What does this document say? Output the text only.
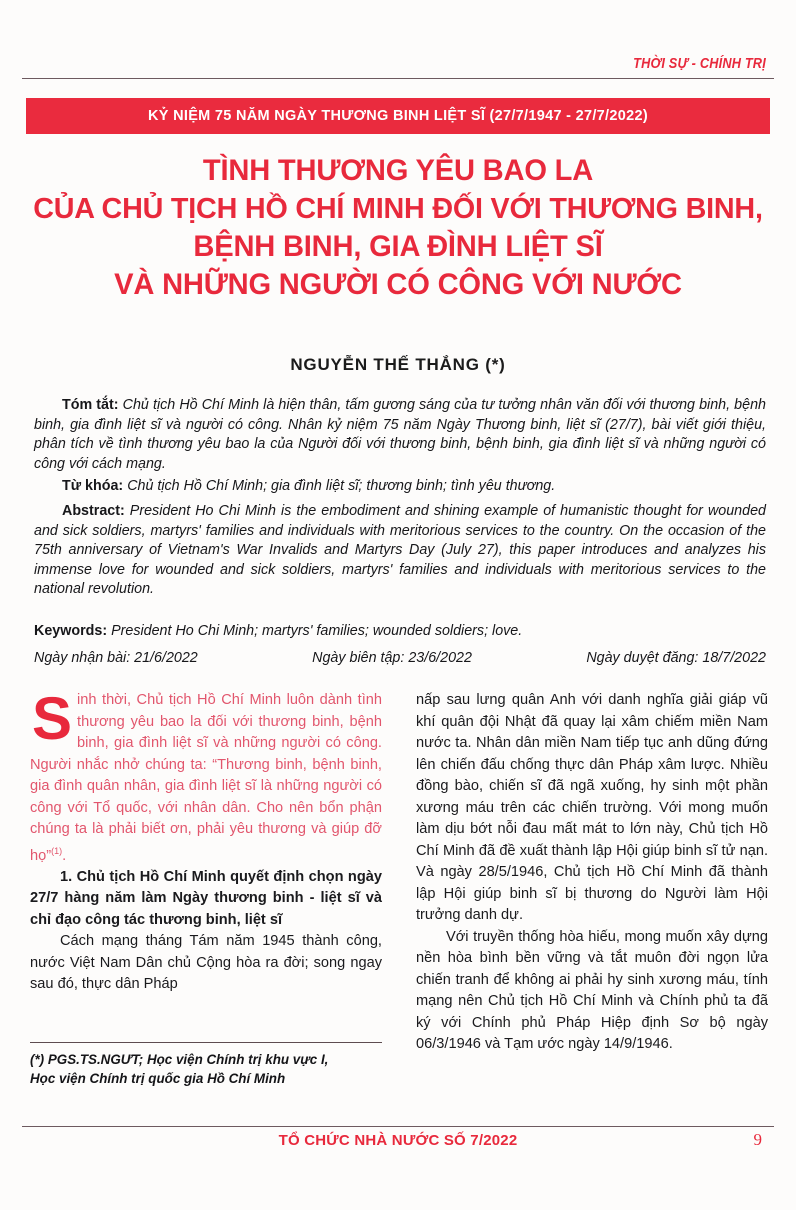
THỜI SỰ - CHÍNH TRỊ
KỶ NIỆM 75 NĂM NGÀY THƯƠNG BINH LIỆT SĨ (27/7/1947 - 27/7/2022)
TÌNH THƯƠNG YÊU BAO LA
CỦA CHỦ TỊCH HỒ CHÍ MINH ĐỐI VỚI THƯƠNG BINH,
BỆNH BINH, GIA ĐÌNH LIỆT SĨ
VÀ NHỮNG NGƯỜI CÓ CÔNG VỚI NƯỚC
NGUYỄN THẾ THẮNG (*)
Tóm tắt: Chủ tịch Hồ Chí Minh là hiện thân, tấm gương sáng của tư tưởng nhân văn đối với thương binh, bệnh binh, gia đình liệt sĩ và người có công. Nhân kỷ niệm 75 năm Ngày Thương binh, liệt sĩ (27/7), bài viết giới thiệu, phân tích về tình thương yêu bao la của Người đối với thương binh, bệnh binh, gia đình liệt sĩ và những người có công với cách mạng.
Từ khóa: Chủ tịch Hồ Chí Minh; gia đình liệt sĩ; thương binh; tình yêu thương.
Abstract: President Ho Chi Minh is the embodiment and shining example of humanistic thought for wounded and sick soldiers, martyrs' families and individuals with meritorious services to the country. On the occasion of the 75th anniversary of Vietnam's War Invalids and Martyrs Day (July 27), this paper introduces and analyzes his immense love for wounded and sick soldiers, martyrs' families and individuals with meritorious services to the national revolution.
Keywords: President Ho Chi Minh; martyrs' families; wounded soldiers; love.
Ngày nhận bài: 21/6/2022	Ngày biên tập: 23/6/2022	Ngày duyệt đăng: 18/7/2022

Sinh thời, Chủ tịch Hồ Chí Minh luôn dành tình thương yêu bao la đối với thương binh, bệnh binh, gia đình liệt sĩ và những người có công. Người nhắc nhở chúng ta: “Thương binh, bệnh binh, gia đình quân nhân, gia đình liệt sĩ là những người có công với Tổ quốc, với nhân dân. Cho nên bổn phận chúng ta là phải biết ơn, phải yêu thương và giúp đỡ họ”$^{(1)}$.

1. Chủ tịch Hồ Chí Minh quyết định chọn ngày 27/7 hàng năm làm Ngày thương binh - liệt sĩ và chỉ đạo công tác thương binh, liệt sĩ

Cách mạng tháng Tám năm 1945 thành công, nước Việt Nam Dân chủ Cộng hòa ra đời; song ngay sau đó, thực dân Pháp

nấp sau lưng quân Anh với danh nghĩa giải giáp vũ khí quân đội Nhật đã quay lại xâm chiếm miền Nam nước ta. Nhân dân miền Nam tiếp tục anh dũng đứng lên chiến đấu chống thực dân Pháp xâm lược. Nhiều đồng bào, chiến sĩ đã ngã xuống, hy sinh một phần xương máu trên các chiến trường. Với mong muốn làm dịu bớt nỗi đau mất mát to lớn này, Chủ tịch Hồ Chí Minh đã đề xuất thành lập Hội giúp binh sĩ tử nạn. Và ngày 28/5/1946, Chủ tịch Hồ Chí Minh đã thành lập Hội giúp binh sĩ bị thương do Người làm Hội trưởng danh dự.

Với truyền thống hòa hiếu, mong muốn xây dựng nền hòa bình bền vững và tắt muôn đời ngọn lửa chiến tranh để không ai phải hy sinh xương máu, tính mạng nên Chủ tịch Hồ Chí Minh và Chính phủ ta đã ký với Chính phủ Pháp Hiệp định Sơ bộ ngày 06/3/1946 và Tạm ước ngày 14/9/1946.

(*) PGS.TS.NGƯT; Học viện Chính trị khu vực I,
Học viện Chính trị quốc gia Hồ Chí Minh
TỔ CHỨC NHÀ NƯỚC SỐ 7/2022	9
